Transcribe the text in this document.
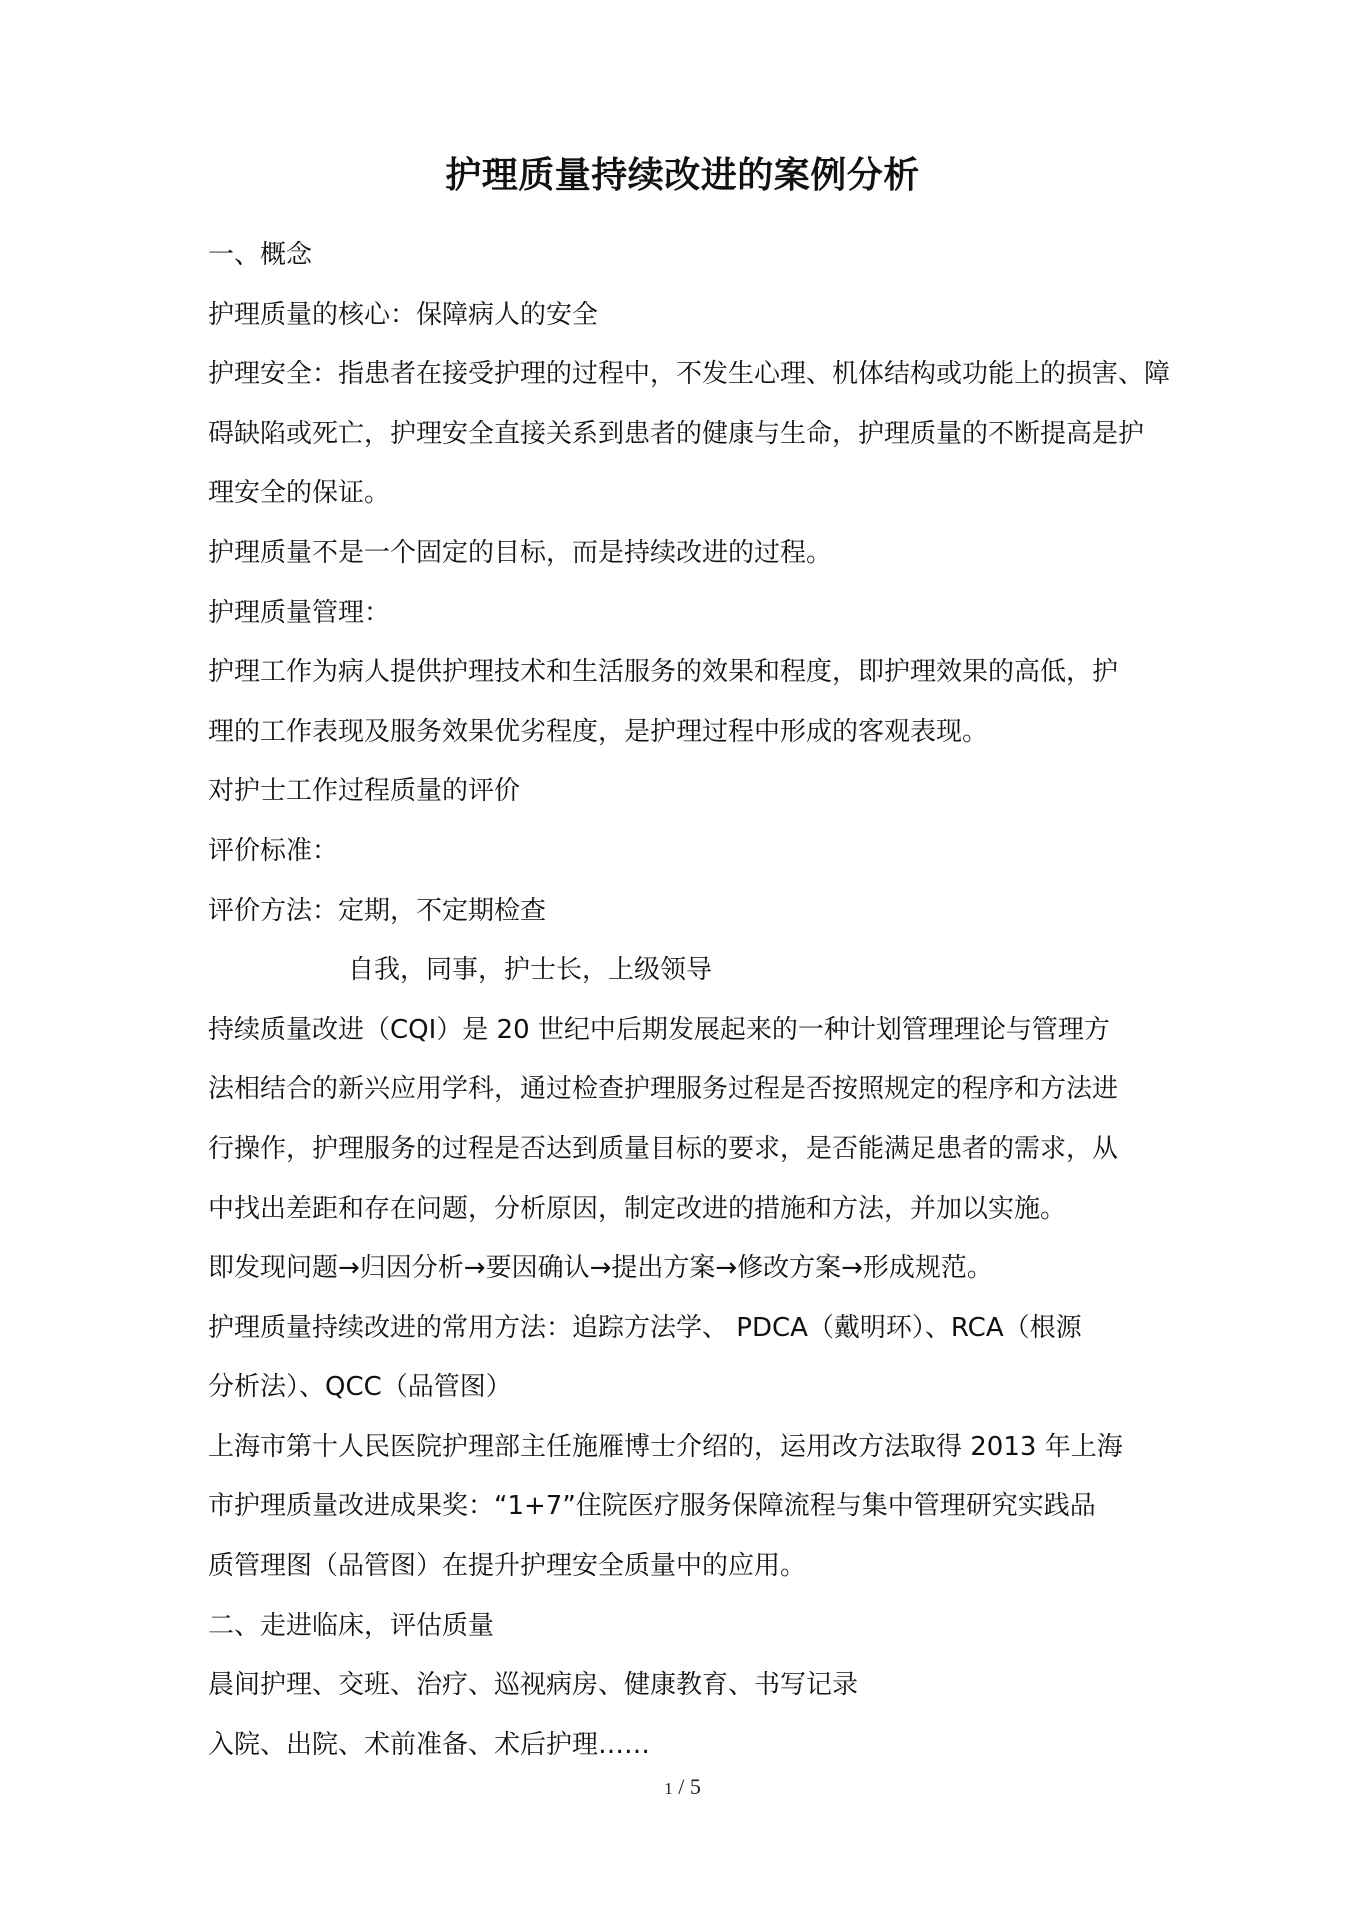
护理质量持续改进的案例分析
一、概念
护理质量的核心：保障病人的安全
护理安全：指患者在接受护理的过程中，不发生心理、机体结构或功能上的损害、障
碍缺陷或死亡，护理安全直接关系到患者的健康与生命，护理质量的不断提高是护
理安全的保证。
护理质量不是一个固定的目标，而是持续改进的过程。
护理质量管理：
护理工作为病人提供护理技术和生活服务的效果和程度，即护理效果的高低，护
理的工作表现及服务效果优劣程度，是护理过程中形成的客观表现。
对护士工作过程质量的评价
评价标准：
评价方法：定期，不定期检查
自我，同事，护士长，上级领导
持续质量改进（CQI）是 20 世纪中后期发展起来的一种计划管理理论与管理方
法相结合的新兴应用学科，通过检查护理服务过程是否按照规定的程序和方法进
行操作，护理服务的过程是否达到质量目标的要求，是否能满足患者的需求，从
中找出差距和存在问题，分析原因，制定改进的措施和方法，并加以实施。
即发现问题→归因分析→要因确认→提出方案→修改方案→形成规范。
护理质量持续改进的常用方法：追踪方法学、 PDCA（戴明环）、RCA（根源
分析法）、QCC（品管图）
上海市第十人民医院护理部主任施雁博士介绍的，运用改方法取得 2013 年上海
市护理质量改进成果奖：“1+7”住院医疗服务保障流程与集中管理研究实践品
质管理图（品管图）在提升护理安全质量中的应用。
二、走进临床，评估质量
晨间护理、交班、治疗、巡视病房、健康教育、书写记录
入院、出院、术前准备、术后护理……
1 / 5
